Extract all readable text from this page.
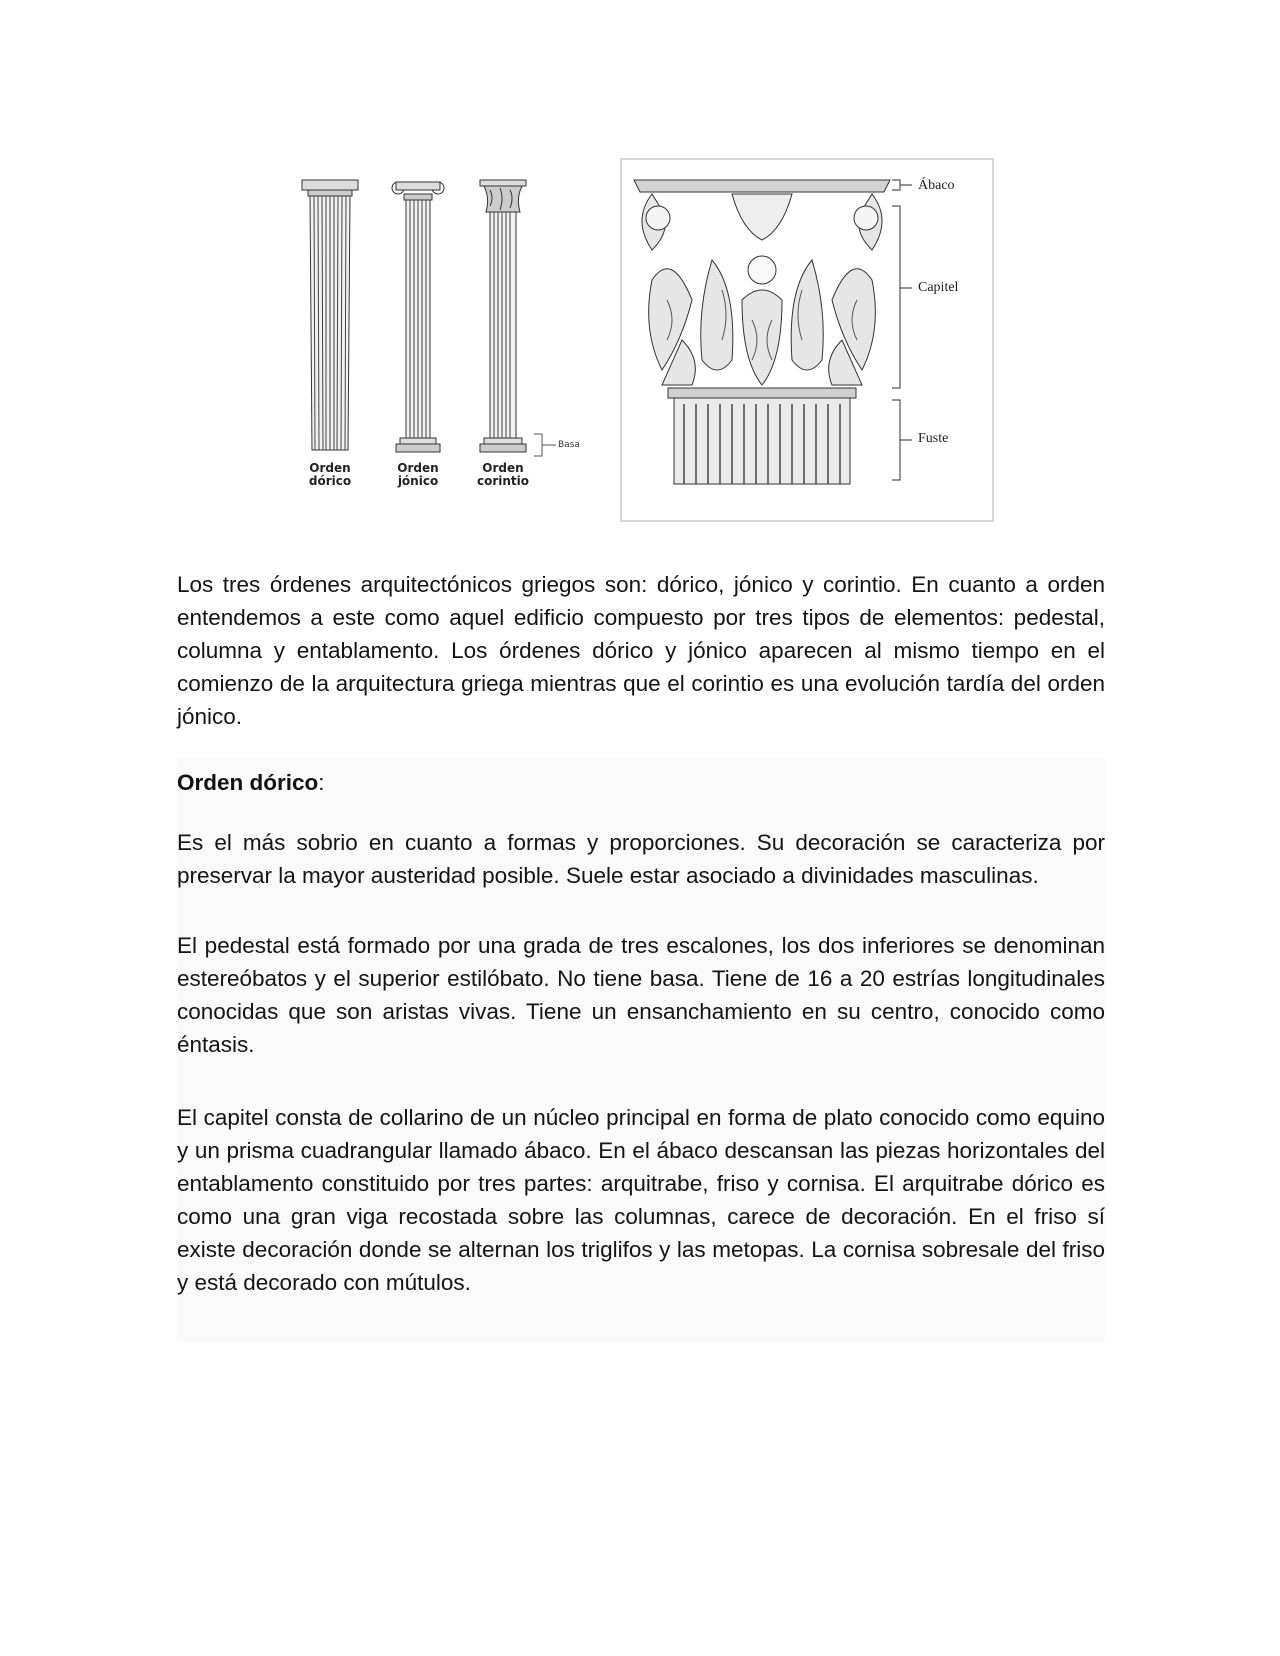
Basa
Orden
dórico
Orden
jónico
Orden
corintio
Ábaco
Capitel
Fuste

Los tres órdenes arquitectónicos griegos son: dórico, jónico y corintio. En cuanto a orden entendemos a este como aquel edificio compuesto por tres tipos de elementos: pedestal, columna y entablamento. Los órdenes dórico y jónico aparecen al mismo tiempo en el comienzo de la arquitectura griega mientras que el corintio es una evolución tardía del orden jónico.

Orden dórico:

Es el más sobrio en cuanto a formas y proporciones. Su decoración se caracteriza por preservar la mayor austeridad posible. Suele estar asociado a divinidades masculinas.

El pedestal está formado por una grada de tres escalones, los dos inferiores se denominan estereóbatos y el superior estilóbato. No tiene basa. Tiene de 16 a 20 estrías longitudinales conocidas que son aristas vivas. Tiene un ensanchamiento en su centro, conocido como éntasis.

El capitel consta de collarino de un núcleo principal en forma de plato conocido como equino y un prisma cuadrangular llamado ábaco. En el ábaco descansan las piezas horizontales del entablamento constituido por tres partes: arquitrabe, friso y cornisa. El arquitrabe dórico es como una gran viga recostada sobre las columnas, carece de decoración. En el friso sí existe decoración donde se alternan los triglifos y las metopas. La cornisa sobresale del friso y está decorado con mútulos.
